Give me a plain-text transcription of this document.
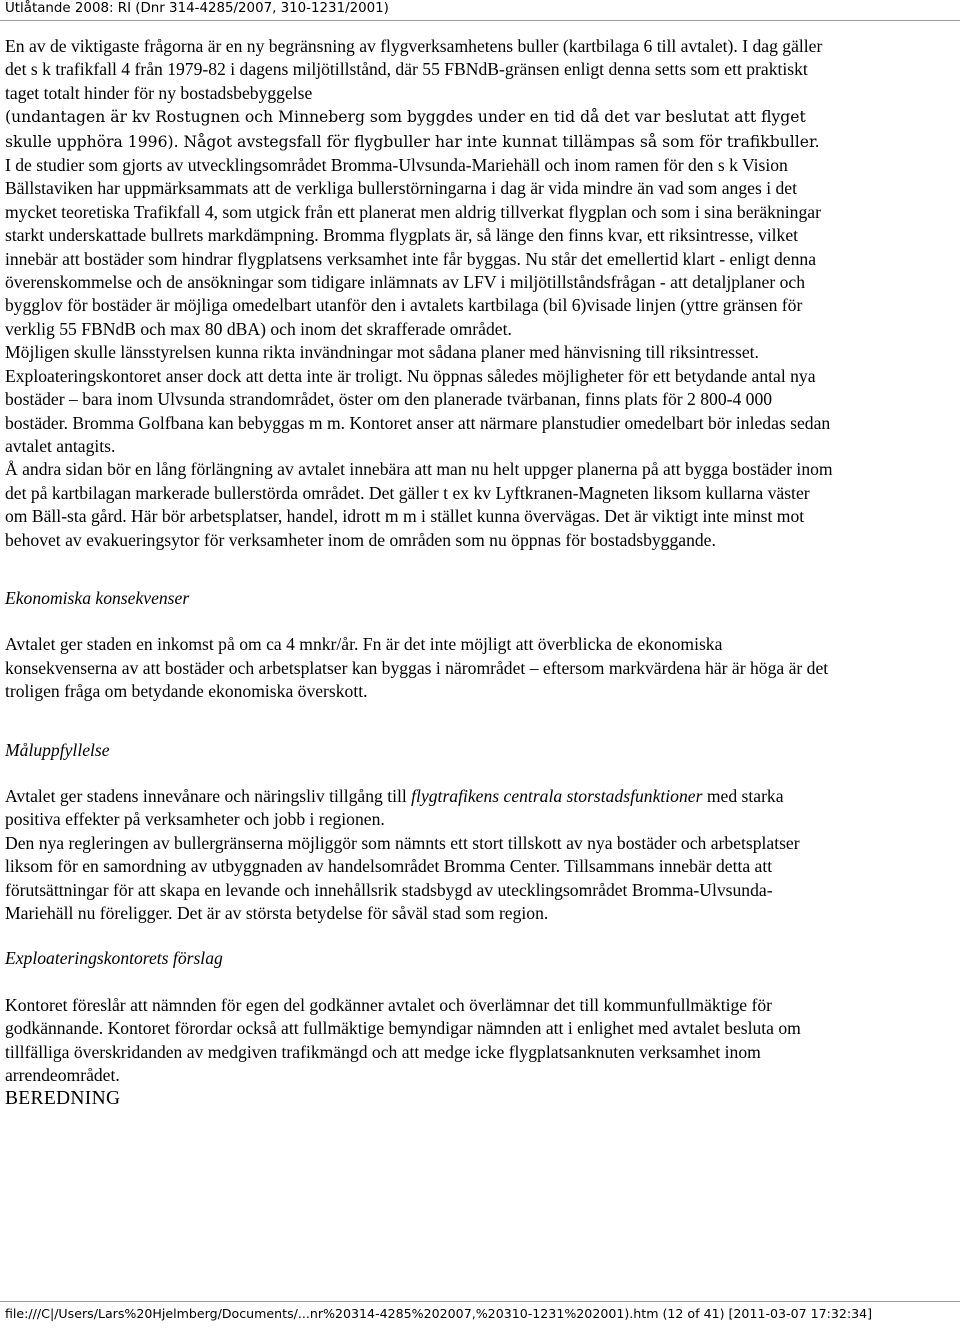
Utlåtande 2008: RI (Dnr 314-4285/2007, 310-1231/2001)

En av de viktigaste frågorna är en ny begränsning av flygverksamhetens buller (kartbilaga 6 till avtalet). I dag gäller det s k trafikfall 4 från 1979-82 i dagens miljötillstånd, där 55 FBNdB-gränsen enligt denna setts som ett praktiskt taget totalt hinder för ny bostadsbebyggelse
(undantagen är kv Rostugnen och Minneberg som byggdes under en tid då det var beslutat att flyget skulle upphöra 1996). Något avstegsfall för flygbuller har inte kunnat tillämpas så som för trafikbuller.

I de studier som gjorts av utvecklingsområdet Bromma-Ulvsunda-Mariehäll och inom ramen för den s k Vision Bällstaviken har uppmärksammats att de verkliga bullerstörningarna i dag är vida mindre än vad som anges i det mycket teoretiska Trafikfall 4, som utgick från ett planerat men aldrig tillverkat flygplan och som i sina beräkningar starkt underskattade bullrets markdämpning. Bromma flygplats är, så länge den finns kvar, ett riksintresse, vilket innebär att bostäder som hindrar flygplatsens verksamhet inte får byggas. Nu står det emellertid klart - enligt denna överenskommelse och de ansökningar som tidigare inlämnats av LFV i miljötillståndsfrågan - att detaljplaner och bygglov för bostäder är möjliga omedelbart utanför den i avtalets kartbilaga (bil 6)visade linjen (yttre gränsen för verklig 55 FBNdB och max 80 dBA) och inom det skrafferade området.

Möjligen skulle länsstyrelsen kunna rikta invändningar mot sådana planer med hänvisning till riksintresset. Exploateringskontoret anser dock att detta inte är troligt. Nu öppnas således möjligheter för ett betydande antal nya bostäder – bara inom Ulvsunda strandområdet, öster om den planerade tvärbanan, finns plats för 2 800-4 000 bostäder. Bromma Golfbana kan bebyggas m m. Kontoret anser att närmare planstudier omedelbart bör inledas sedan avtalet antagits.

Å andra sidan bör en lång förlängning av avtalet innebära att man nu helt uppger planerna på att bygga bostäder inom det på kartbilagan markerade bullerstörda området. Det gäller t ex kv Lyftkranen-Magneten liksom kullarna väster om Bäll-sta gård. Här bör arbetsplatser, handel, idrott m m i stället kunna övervägas. Det är viktigt inte minst mot behovet av evakueringsytor för verksamheter inom de områden som nu öppnas för bostadsbyggande.

Ekonomiska konsekvenser

Avtalet ger staden en inkomst på om ca 4 mnkr/år. Fn är det inte möjligt att överblicka de ekonomiska konsekvenserna av att bostäder och arbetsplatser kan byggas i närområdet – eftersom markvärdena här är höga är det troligen fråga om betydande ekonomiska överskott.

Måluppfyllelse

Avtalet ger stadens innevånare och näringsliv tillgång till flygtrafikens centrala storstadsfunktioner med starka positiva effekter på verksamheter och jobb i regionen.

Den nya regleringen av bullergränserna möjliggör som nämnts ett stort tillskott av nya bostäder och arbetsplatser liksom för en samordning av utbyggnaden av handelsområdet Bromma Center. Tillsammans innebär detta att förutsättningar för att skapa en levande och innehållsrik stadsbygd av utecklingsområdet Bromma-Ulvsunda-Mariehäll nu föreligger. Det är av största betydelse för såväl stad som region.

Exploateringskontorets förslag

Kontoret föreslår att nämnden för egen del godkänner avtalet och överlämnar det till kommunfullmäktige för godkännande. Kontoret förordar också att fullmäktige bemyndigar nämnden att i enlighet med avtalet besluta om tillfälliga överskridanden av medgiven trafikmängd och att medge icke flygplatsanknuten verksamhet inom arrendeområdet.

BEREDNING

file:///C|/Users/Lars%20Hjelmberg/Documents/...nr%20314-4285%202007,%20310-1231%202001).htm (12 of 41) [2011-03-07 17:32:34]
